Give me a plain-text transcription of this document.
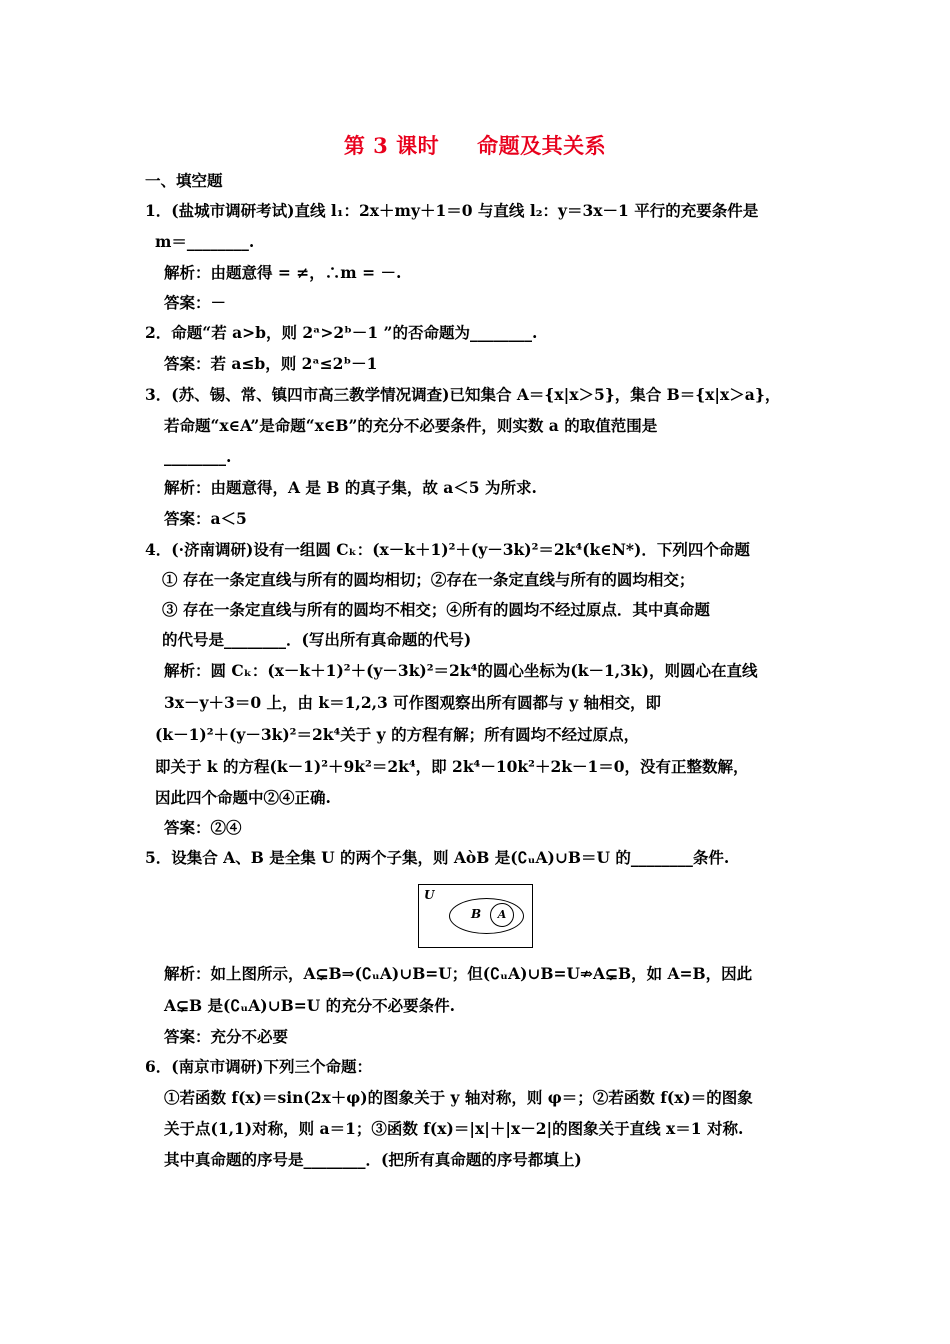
第 3 课时 命题及其关系
一、填空题
1．(盐城市调研考试)直线 l₁：2x＋my＋1＝0 与直线 l₂：y＝3x－1 平行的充要条件是
m＝________.
解析：由题意得 = ≠，∴m = －.
答案：－
2．命题“若 a>b，则 2ᵃ>2ᵇ－1 ”的否命题为________.
答案：若 a≤b，则 2ᵃ≤2ᵇ－1
3．(苏、锡、常、镇四市高三教学情况调查)已知集合 A＝{x|x＞5}，集合 B＝{x|x＞a}，
若命题“x∈A”是命题“x∈B”的充分不必要条件，则实数 a 的取值范围是
________.
解析：由题意得，A 是 B 的真子集，故 a＜5 为所求.
答案：a＜5
4．(·济南调研)设有一组圆 Cₖ：(x－k＋1)²＋(y－3k)²＝2k⁴(k∈N*)．下列四个命题
① 存在一条定直线与所有的圆均相切；②存在一条定直线与所有的圆均相交；
③ 存在一条定直线与所有的圆均不相交；④所有的圆均不经过原点．其中真命题
的代号是________．(写出所有真命题的代号)
解析：圆 Cₖ：(x－k＋1)²＋(y－3k)²＝2k⁴的圆心坐标为(k－1,3k)，则圆心在直线
3x－y＋3＝0 上，由 k＝1,2,3 可作图观察出所有圆都与 y 轴相交，即
(k－1)²＋(y－3k)²＝2k⁴关于 y 的方程有解；所有圆均不经过原点，
即关于 k 的方程(k－1)²＋9k²＝2k⁴，即 2k⁴－10k²＋2k－1＝0，没有正整数解，
因此四个命题中②④正确.
答案：②④
5．设集合 A、B 是全集 U 的两个子集，则 AòB 是(∁ᵤA)∪B＝U 的________条件.
U
B	A
解析：如上图所示，A⊊B⇒(∁ᵤA)∪B=U；但(∁ᵤA)∪B=U⇏A⊊B，如 A=B，因此
A⊊B 是(∁ᵤA)∪B=U 的充分不必要条件.
答案：充分不必要
6．(南京市调研)下列三个命题：
①若函数 f(x)＝sin(2x＋φ)的图象关于 y 轴对称，则 φ＝；②若函数 f(x)＝的图象
关于点(1,1)对称，则 a＝1；③函数 f(x)＝|x|＋|x－2|的图象关于直线 x＝1 对称.
其中真命题的序号是________．(把所有真命题的序号都填上)
